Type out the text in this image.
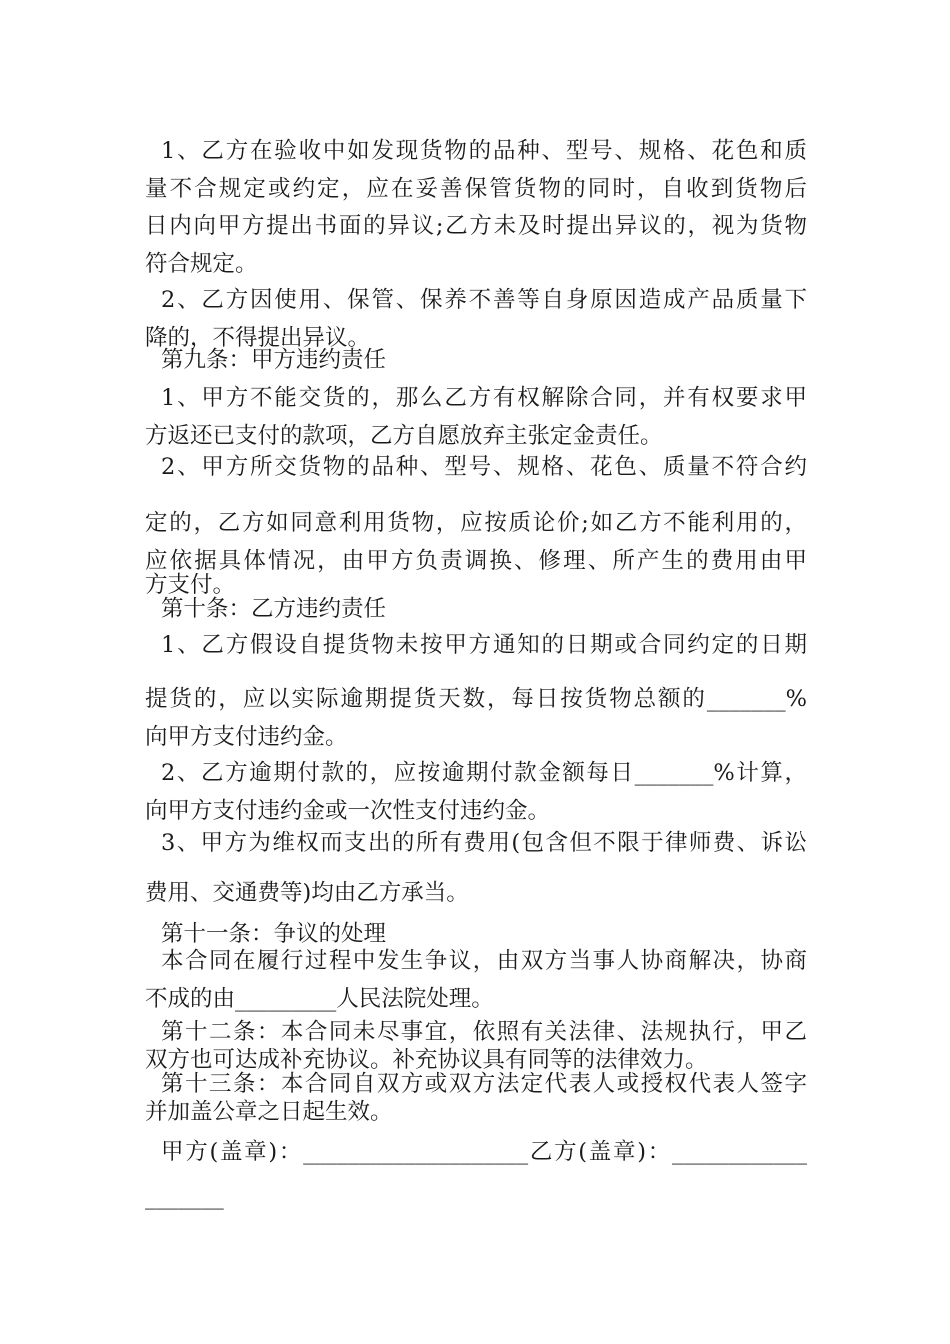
1、乙方在验收中如发现货物的品种、型号、规格、花色和质
量不合规定或约定，应在妥善保管货物的同时，自收到货物后
日内向甲方提出书面的异议;乙方未及时提出异议的，视为货物
符合规定。

2、乙方因使用、保管、保养不善等自身原因造成产品质量下
降的，不得提出异议。

第九条：甲方违约责任

1、甲方不能交货的，那么乙方有权解除合同，并有权要求甲
方返还已支付的款项，乙方自愿放弃主张定金责任。

2、甲方所交货物的品种、型号、规格、花色、质量不符合约

定的，乙方如同意利用货物，应按质论价;如乙方不能利用的，
应依据具体情况，由甲方负责调换、修理、所产生的费用由甲

方支付。

第十条：乙方违约责任

1、乙方假设自提货物未按甲方通知的日期或合同约定的日期

提货的，应以实际逾期提货天数，每日按货物总额的_______%
向甲方支付违约金。

2、乙方逾期付款的，应按逾期付款金额每日_______%计算，
向甲方支付违约金或一次性支付违约金。

3、甲方为维权而支出的所有费用(包含但不限于律师费、诉讼

费用、交通费等)均由乙方承当。

第十一条：争议的处理

本合同在履行过程中发生争议，由双方当事人协商解决，协商
不成的由_________人民法院处理。

第十二条：本合同未尽事宜，依照有关法律、法规执行，甲乙
双方也可达成补充协议。补充协议具有同等的法律效力。

第十三条：本合同自双方或双方法定代表人或授权代表人签字
并加盖公章之日起生效。

甲方(盖章)：____________________乙方(盖章)：____________
_______
